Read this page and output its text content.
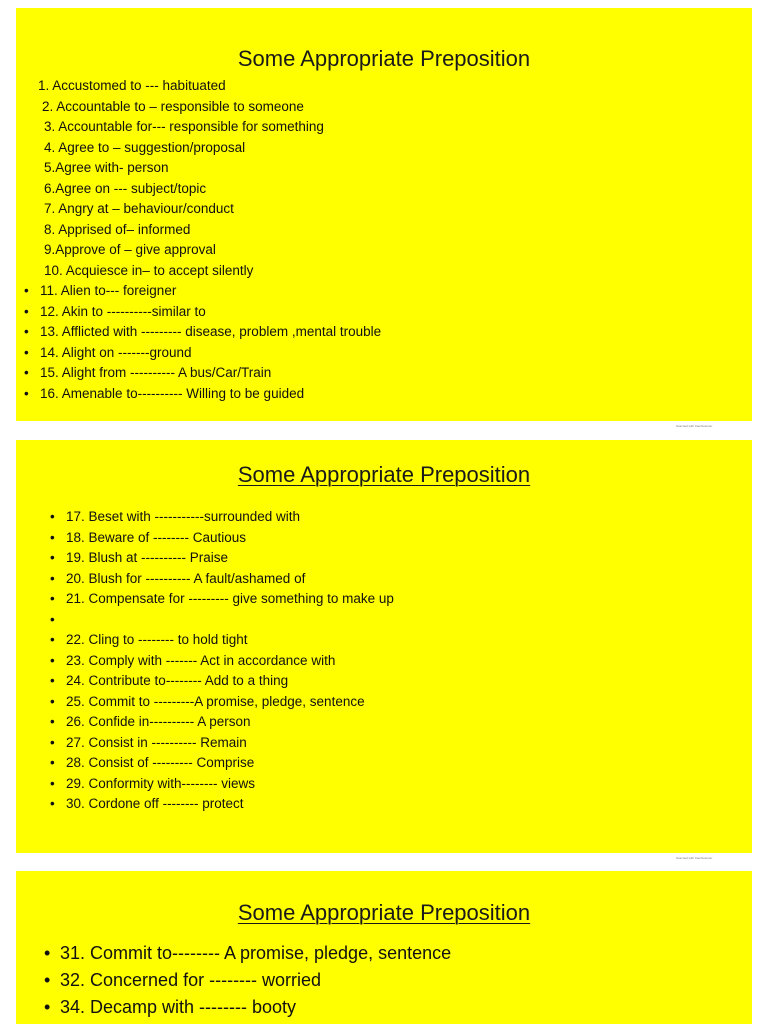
Some Appropriate Preposition
1. Accustomed to --- habituated
2. Accountable to – responsible to someone
3. Accountable for--- responsible for something
4. Agree to – suggestion/proposal
5.Agree with- person
6.Agree on --- subject/topic
7. Angry at – behaviour/conduct
8. Apprised of– informed
9.Approve of – give approval
10. Acquiesce in– to accept silently
• 11. Alien to--- foreigner
• 12. Akin to ----------similar to
• 13. Afflicted with --------- disease, problem ,mental trouble
• 14. Alight on -------ground
• 15. Alight from ---------- A bus/Car/Train
• 16. Amenable to---------- Willing to be guided
Scanned with CamScanner
Some Appropriate Preposition
• 17. Beset with -----------surrounded with
• 18. Beware of -------- Cautious
• 19. Blush at ---------- Praise
• 20. Blush for ---------- A fault/ashamed of
• 21. Compensate for --------- give something to make up
•
• 22. Cling to -------- to hold tight
• 23. Comply with ------- Act in accordance with
• 24. Contribute to-------- Add to a thing
• 25. Commit to ---------A promise, pledge, sentence
• 26. Confide in---------- A person
• 27. Consist in ---------- Remain
• 28. Consist of --------- Comprise
• 29. Conformity with-------- views
• 30. Cordone off -------- protect
Scanned with CamScanner
Some Appropriate Preposition
• 31. Commit to-------- A promise, pledge, sentence
• 32. Concerned for -------- worried
• 34. Decamp with -------- booty
